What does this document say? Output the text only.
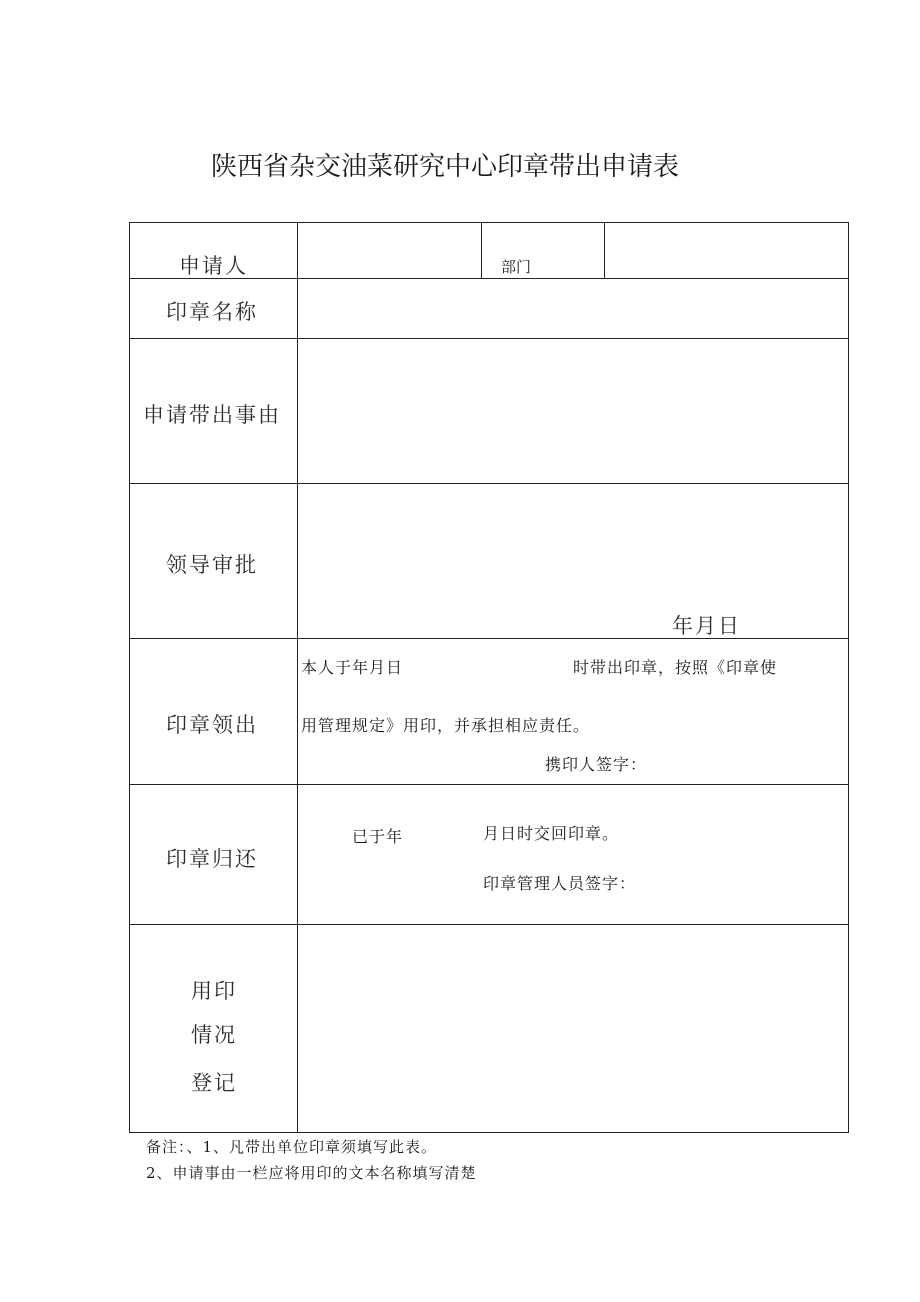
陕西省杂交油菜研究中心印章带出申请表
申请人	部门
印章名称
申请带出事由
领导审批
年月日
印章领出
本人于年月日	时带出印章，按照《印章使
用管理规定》用印，并承担相应责任。
携印人签字：
印章归还
已于年	月日时交回印章。
印章管理人员签字：
用印
情况
登记
备注：、1、凡带出单位印章须填写此表。
2、申请事由一栏应将用印的文本名称填写清楚
